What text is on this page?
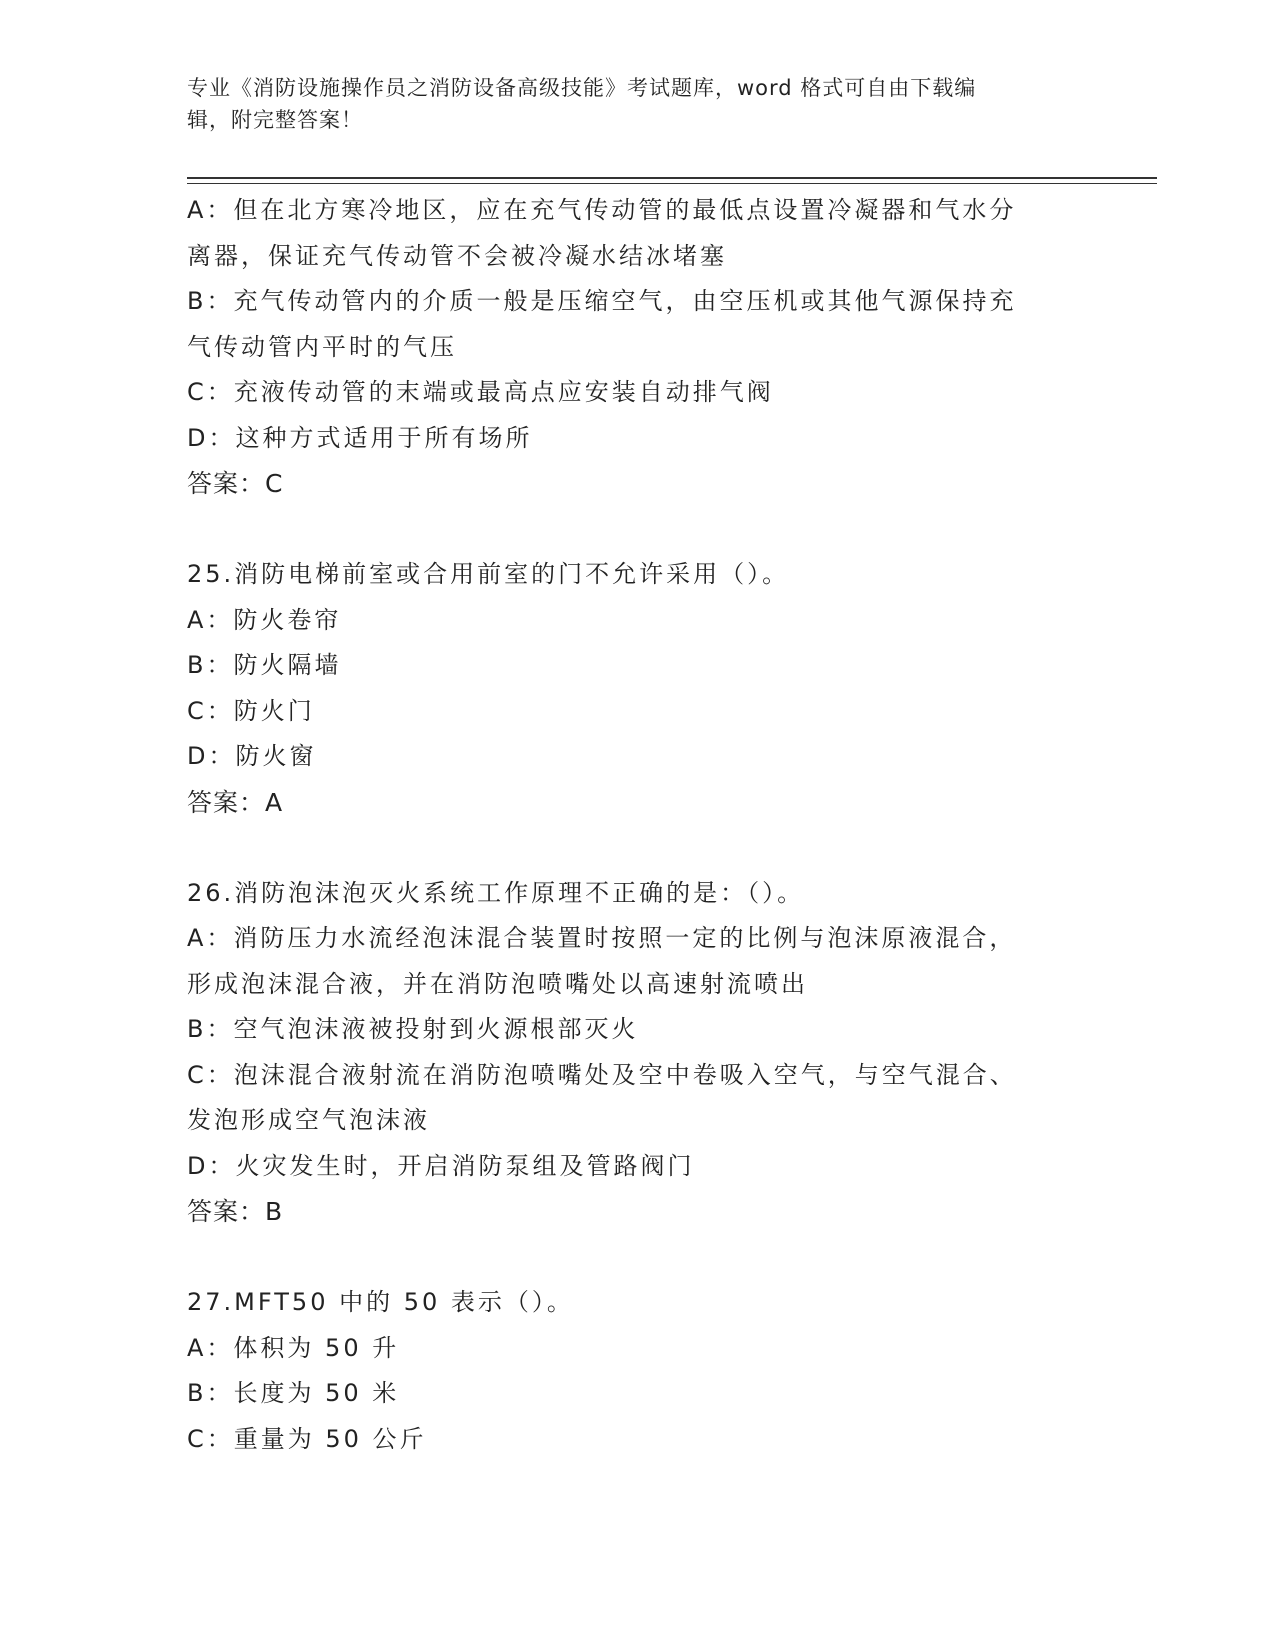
专业《消防设施操作员之消防设备高级技能》考试题库，word 格式可自由下载编
辑，附完整答案！
A：但在北方寒冷地区，应在充气传动管的最低点设置冷凝器和气水分
离器，保证充气传动管不会被冷凝水结冰堵塞
B：充气传动管内的介质一般是压缩空气，由空压机或其他气源保持充
气传动管内平时的气压
C：充液传动管的末端或最高点应安装自动排气阀
D：这种方式适用于所有场所
答案：C
25.消防电梯前室或合用前室的门不允许采用（）。
A：防火卷帘
B：防火隔墙
C：防火门
D：防火窗
答案：A
26.消防泡沫泡灭火系统工作原理不正确的是：（）。
A：消防压力水流经泡沫混合装置时按照一定的比例与泡沫原液混合，
形成泡沫混合液，并在消防泡喷嘴处以高速射流喷出
B：空气泡沫液被投射到火源根部灭火
C：泡沫混合液射流在消防泡喷嘴处及空中卷吸入空气，与空气混合、
发泡形成空气泡沫液
D：火灾发生时，开启消防泵组及管路阀门
答案：B
27.MFT50 中的 50 表示（）。
A：体积为 50 升
B：长度为 50 米
C：重量为 50 公斤
